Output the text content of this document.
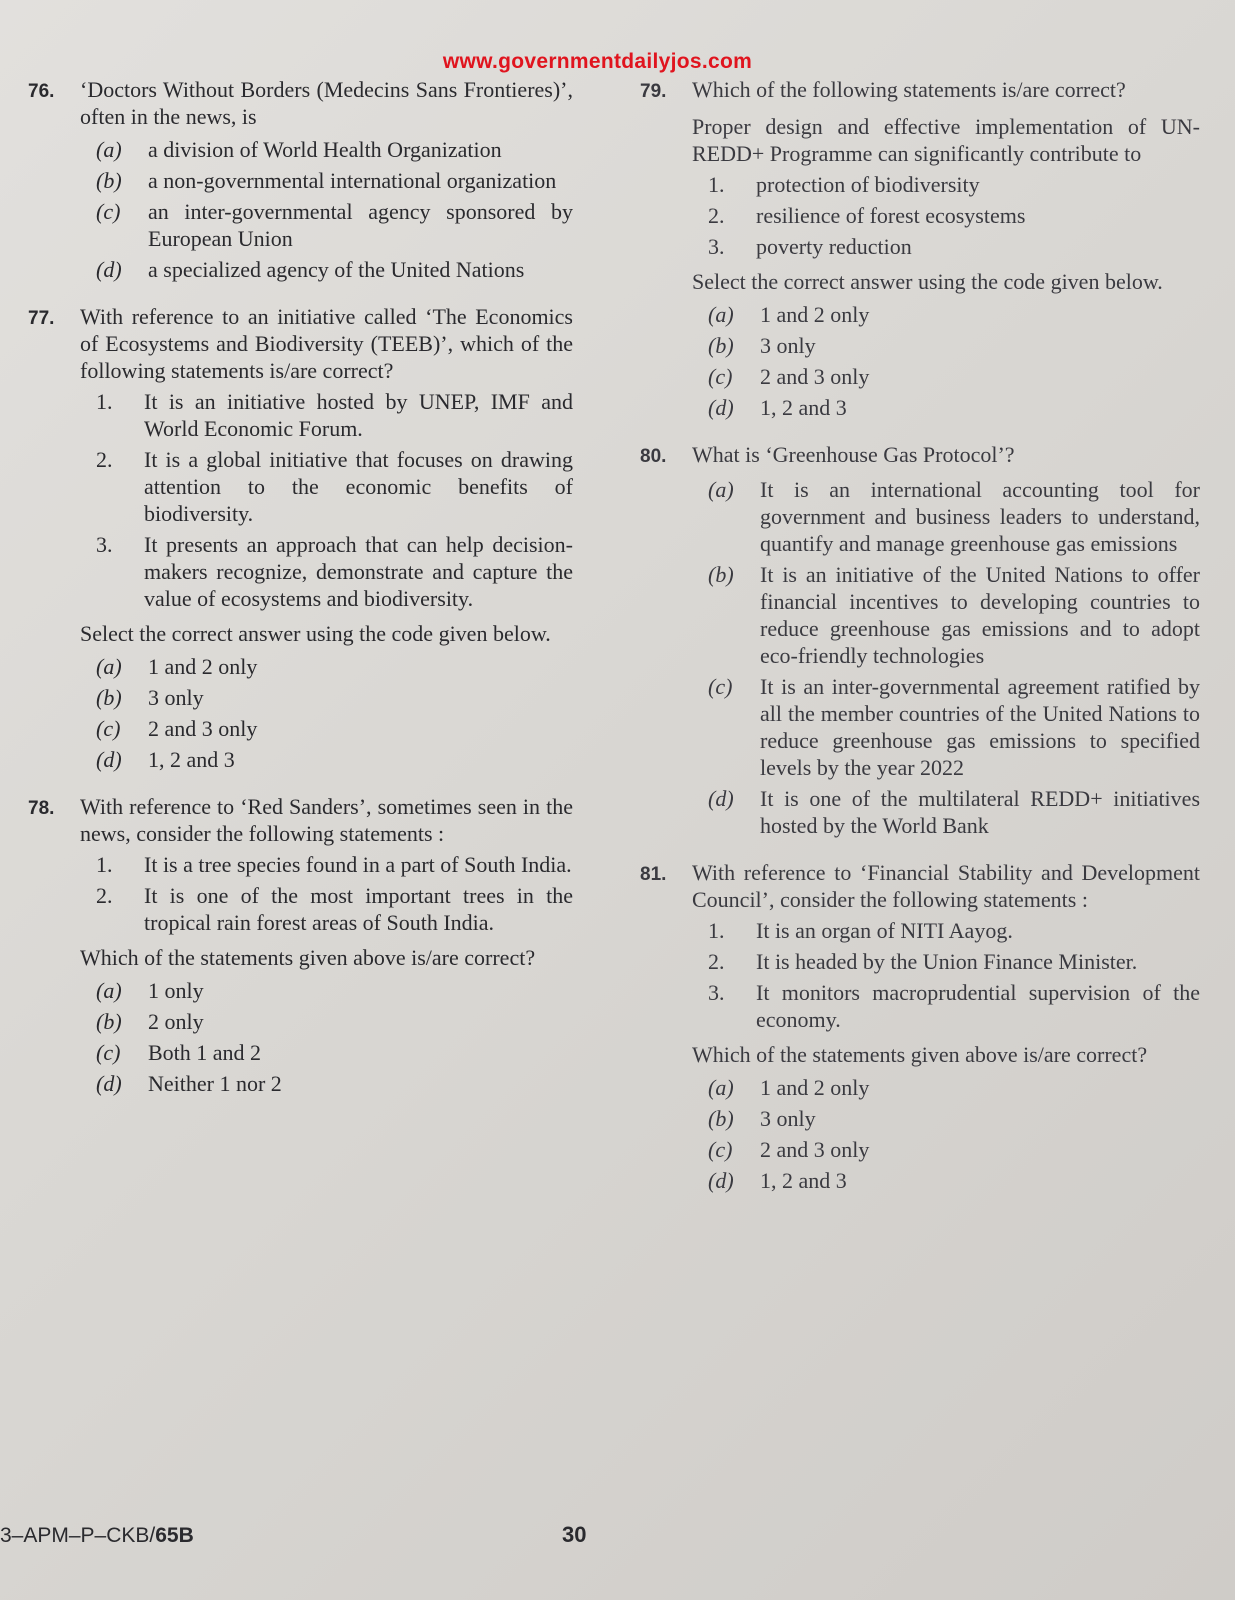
www.governmentdailyjos.com
76.	‘Doctors Without Borders (Medecins Sans Frontieres)’, often in the news, is
(a)	a division of World Health Organization
(b)	a non-governmental international organization
(c)	an inter-governmental agency sponsored by European Union
(d)	a specialized agency of the United Nations
77.	With reference to an initiative called ‘The Economics of Ecosystems and Biodiversity (TEEB)’, which of the following statements is/are correct?
1.	It is an initiative hosted by UNEP, IMF and World Economic Forum.
2.	It is a global initiative that focuses on drawing attention to the economic benefits of biodiversity.
3.	It presents an approach that can help decision-makers recognize, demonstrate and capture the value of ecosystems and biodiversity.
Select the correct answer using the code given below.
(a)	1 and 2 only
(b)	3 only
(c)	2 and 3 only
(d)	1, 2 and 3
78.	With reference to ‘Red Sanders’, sometimes seen in the news, consider the following statements :
1.	It is a tree species found in a part of South India.
2.	It is one of the most important trees in the tropical rain forest areas of South India.
Which of the statements given above is/are correct?
(a)	1 only
(b)	2 only
(c)	Both 1 and 2
(d)	Neither 1 nor 2
79.	Which of the following statements is/are correct?
Proper design and effective implementation of UN-REDD+ Programme can significantly contribute to
1.	protection of biodiversity
2.	resilience of forest ecosystems
3.	poverty reduction
Select the correct answer using the code given below.
(a)	1 and 2 only
(b)	3 only
(c)	2 and 3 only
(d)	1, 2 and 3
80.	What is ‘Greenhouse Gas Protocol’?
(a)	It is an international accounting tool for government and business leaders to understand, quantify and manage greenhouse gas emissions
(b)	It is an initiative of the United Nations to offer financial incentives to developing countries to reduce greenhouse gas emissions and to adopt eco-friendly technologies
(c)	It is an inter-governmental agreement ratified by all the member countries of the United Nations to reduce greenhouse gas emissions to specified levels by the year 2022
(d)	It is one of the multilateral REDD+ initiatives hosted by the World Bank
81.	With reference to ‘Financial Stability and Development Council’, consider the following statements :
1.	It is an organ of NITI Aayog.
2.	It is headed by the Union Finance Minister.
3.	It monitors macroprudential supervision of the economy.
Which of the statements given above is/are correct?
(a)	1 and 2 only
(b)	3 only
(c)	2 and 3 only
(d)	1, 2 and 3
3–APM–P–CKB/65B	30
